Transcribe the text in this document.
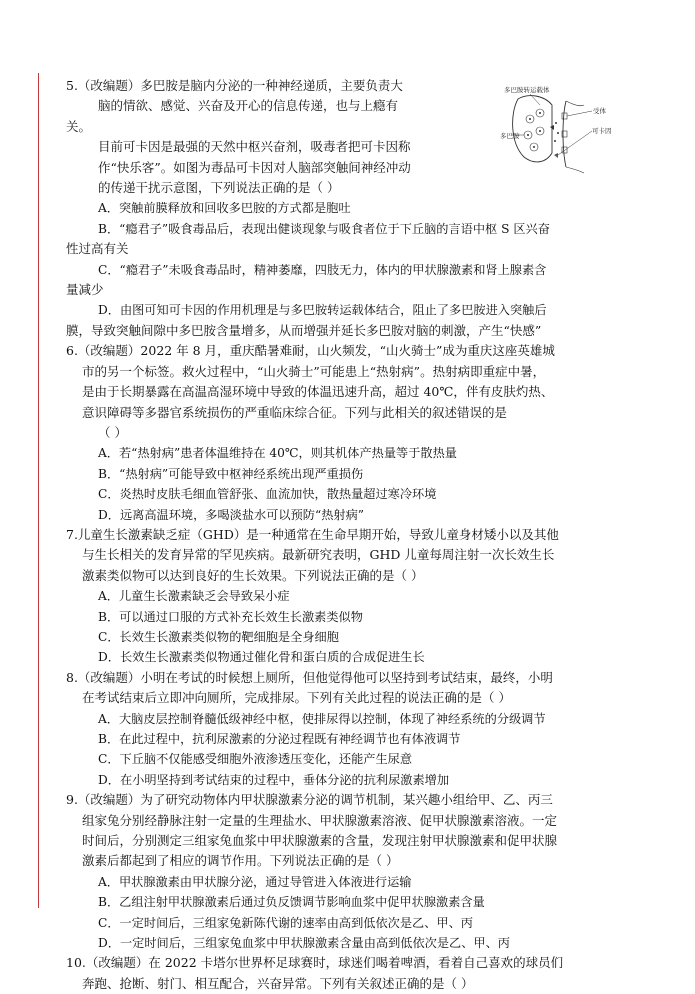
5.（改编题）多巴胺是脑内分泌的一种神经递质，主要负责大
脑的情欲、感觉、兴奋及开心的信息传递，也与上瘾有
关。
目前可卡因是最强的天然中枢兴奋剂，吸毒者把可卡因称
作“快乐客”。如图为毒品可卡因对人脑部突触间神经冲动
的传递干扰示意图，下列说法正确的是（ ）
A．突触前膜释放和回收多巴胺的方式都是胞吐
B．“瘾君子”吸食毒品后，表现出健谈现象与吸食者位于下丘脑的言语中枢 S 区兴奋
性过高有关
C．“瘾君子”未吸食毒品时，精神萎靡，四肢无力，体内的甲状腺激素和肾上腺素含
量减少
D．由图可知可卡因的作用机理是与多巴胺转运载体结合，阻止了多巴胺进入突触后
膜，导致突触间隙中多巴胺含量增多，从而增强并延长多巴胺对脑的刺激，产生“快感”
6.（改编题）2022 年 8 月，重庆酷暑难耐，山火频发，“山火骑士”成为重庆这座英雄城
市的另一个标签。救火过程中，“山火骑士”可能患上“热射病”。热射病即重症中暑，
是由于长期暴露在高温高湿环境中导致的体温迅速升高，超过 40℃，伴有皮肤灼热、
意识障碍等多器官系统损伤的严重临床综合征。下列与此相关的叙述错误的是
（ ）
A．若“热射病”患者体温维持在 40℃，则其机体产热量等于散热量
B．“热射病”可能导致中枢神经系统出现严重损伤
C．炎热时皮肤毛细血管舒张、血流加快，散热量超过寒冷环境
D．远离高温环境，多喝淡盐水可以预防“热射病”
7.儿童生长激素缺乏症（GHD）是一种通常在生命早期开始，导致儿童身材矮小以及其他
与生长相关的发育异常的罕见疾病。最新研究表明，GHD 儿童每周注射一次长效生长
激素类似物可以达到良好的生长效果。下列说法正确的是（ ）
A．儿童生长激素缺乏会导致呆小症
B．可以通过口服的方式补充长效生长激素类似物
C．长效生长激素类似物的靶细胞是全身细胞
D．长效生长激素类似物通过催化骨和蛋白质的合成促进生长
8.（改编题）小明在考试的时候想上厕所，但他觉得他可以坚持到考试结束，最终，小明
在考试结束后立即冲向厕所，完成排尿。下列有关此过程的说法正确的是（ ）
A．大脑皮层控制脊髓低级神经中枢，使排尿得以控制，体现了神经系统的分级调节
B．在此过程中，抗利尿激素的分泌过程既有神经调节也有体液调节
C．下丘脑不仅能感受细胞外液渗透压变化，还能产生尿意
D．在小明坚持到考试结束的过程中，垂体分泌的抗利尿激素增加
9.（改编题）为了研究动物体内甲状腺激素分泌的调节机制，某兴趣小组给甲、乙、丙三
组家兔分别经静脉注射一定量的生理盐水、甲状腺激素溶液、促甲状腺激素溶液。一定
时间后，分别测定三组家兔血浆中甲状腺激素的含量，发现注射甲状腺激素和促甲状腺
激素后都起到了相应的调节作用。下列说法正确的是（ ）
A．甲状腺激素由甲状腺分泌，通过导管进入体液进行运输
B．乙组注射甲状腺激素后通过负反馈调节影响血浆中促甲状腺激素含量
C．一定时间后，三组家兔新陈代谢的速率由高到低依次是乙、甲、丙
D．一定时间后，三组家兔血浆中甲状腺激素含量由高到低依次是乙、甲、丙
10.（改编题）在 2022 卡塔尔世界杯足球赛时，球迷们喝着啤酒，看着自己喜欢的球员们
奔跑、抢断、射门、相互配合，兴奋异常。下列有关叙述正确的是（ ）
多巴胺转运载体
受体
多巴胺
可卡因
